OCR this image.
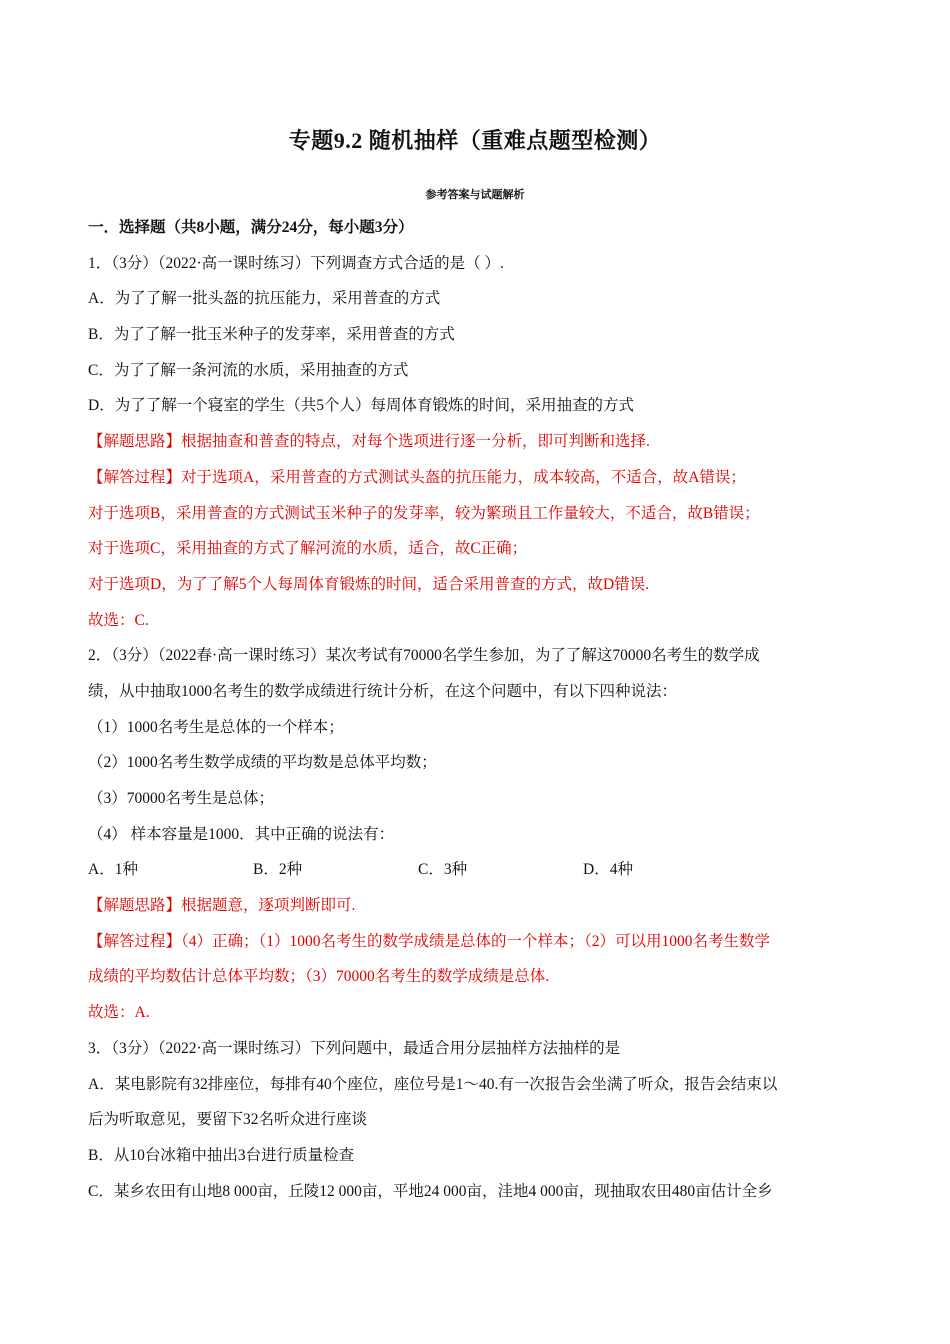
专题9.2 随机抽样（重难点题型检测）
参考答案与试题解析
一．选择题（共8小题，满分24分，每小题3分）
1．（3分）（2022·高一课时练习）下列调查方式合适的是（ ）.
A．为了了解一批头盔的抗压能力，采用普查的方式
B．为了了解一批玉米种子的发芽率，采用普查的方式
C．为了了解一条河流的水质，采用抽查的方式
D．为了了解一个寝室的学生（共5个人）每周体育锻炼的时间，采用抽查的方式
【解题思路】根据抽查和普查的特点，对每个选项进行逐一分析，即可判断和选择.
【解答过程】对于选项A，采用普查的方式测试头盔的抗压能力，成本较高，不适合，故A错误；
对于选项B，采用普查的方式测试玉米种子的发芽率，较为繁琐且工作量较大，不适合，故B错误；
对于选项C，采用抽查的方式了解河流的水质，适合，故C正确；
对于选项D，为了了解5个人每周体育锻炼的时间，适合采用普查的方式，故D错误.
故选：C.
2．（3分）（2022春·高一课时练习）某次考试有70000名学生参加，为了了解这70000名考生的数学成
绩，从中抽取1000名考生的数学成绩进行统计分析，在这个问题中，有以下四种说法：
（1）1000名考生是总体的一个样本；
（2）1000名考生数学成绩的平均数是总体平均数；
（3）70000名考生是总体；
（4） 样本容量是1000．其中正确的说法有：
A．1种	B．2种	C．3种	D．4种
【解题思路】根据题意，逐项判断即可.
【解答过程】（4）正确；（1）1000名考生的数学成绩是总体的一个样本；（2）可以用1000名考生数学
成绩的平均数估计总体平均数；（3）70000名考生的数学成绩是总体.
故选：A.
3．（3分）（2022·高一课时练习）下列问题中，最适合用分层抽样方法抽样的是
A．某电影院有32排座位，每排有40个座位，座位号是1～40.有一次报告会坐满了听众，报告会结束以
后为听取意见，要留下32名听众进行座谈
B．从10台冰箱中抽出3台进行质量检查
C．某乡农田有山地8 000亩，丘陵12 000亩，平地24 000亩，洼地4 000亩，现抽取农田480亩估计全乡
